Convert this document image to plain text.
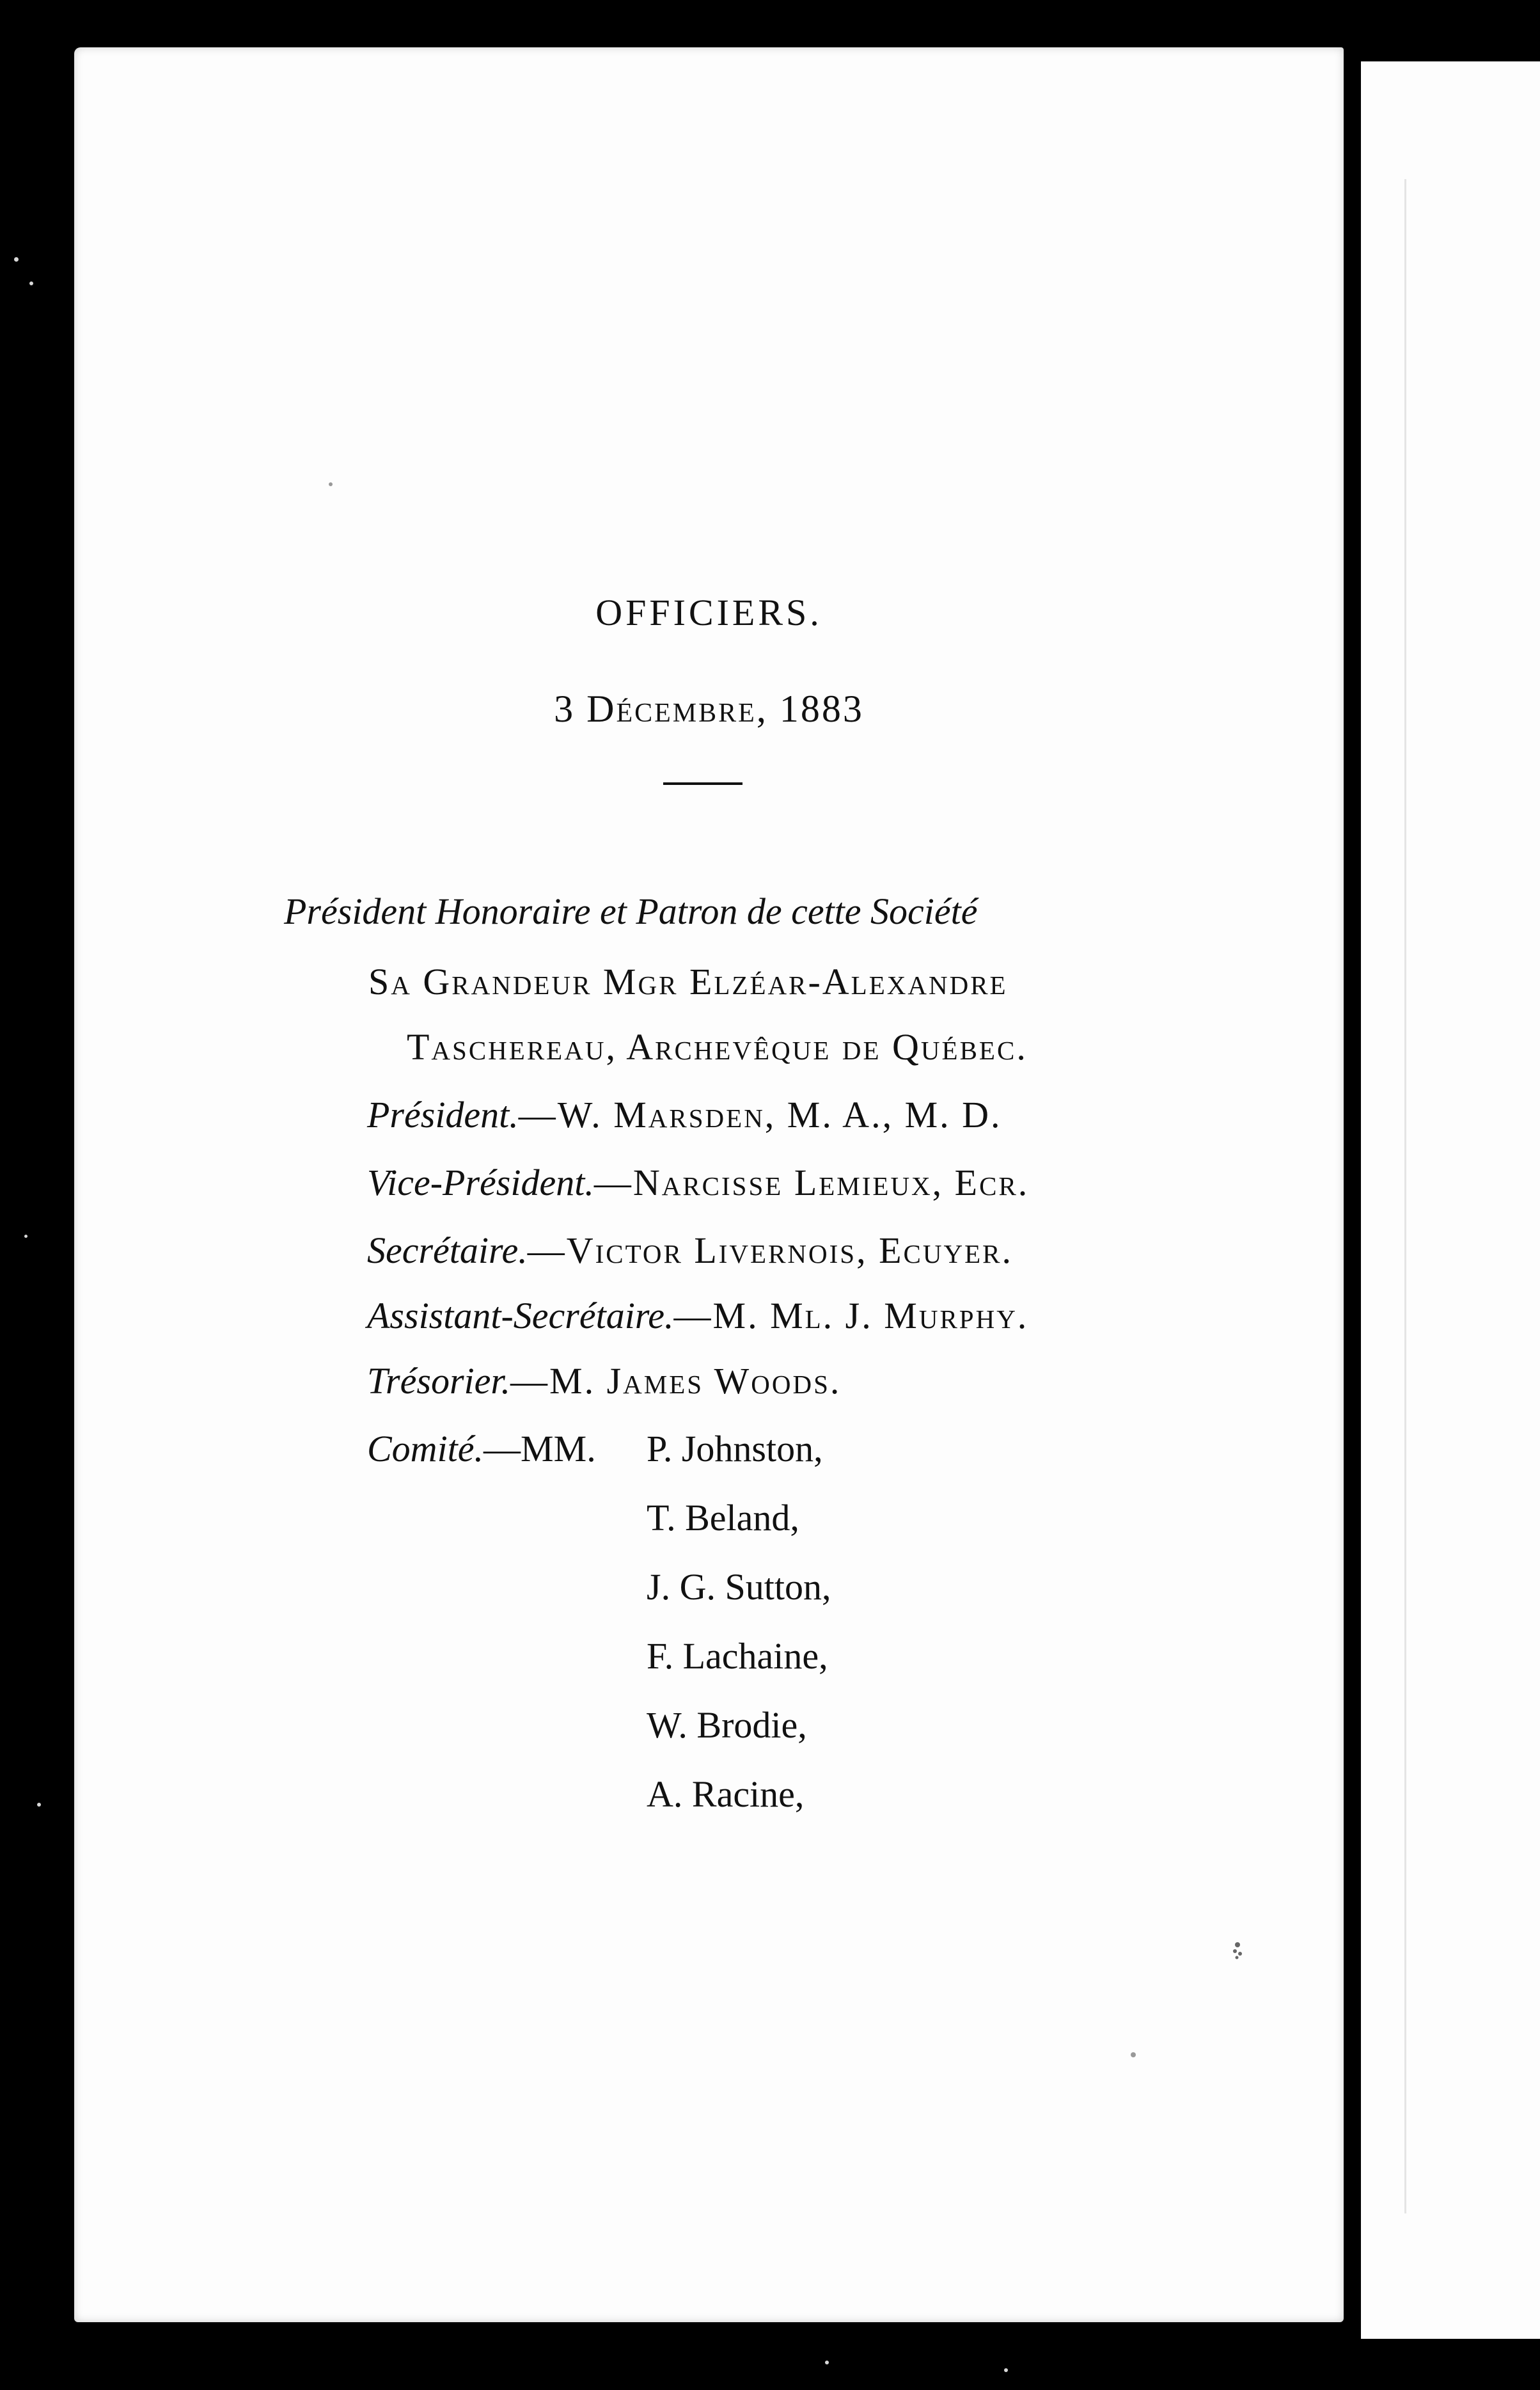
OFFICIERS.
3 Décembre, 1883
Président Honoraire et Patron de cette Société
Sa Grandeur Mgr Elzéar-Alexandre
Taschereau, Archevêque de Québec.
Président.—W. Marsden, M. A., M. D.
Vice-Président.—Narcisse Lemieux, Ecr.
Secrétaire.—Victor Livernois, Ecuyer.
Assistant-Secrétaire.—M. Ml. J. Murphy.
Trésorier.—M. James Woods.
Comité.—MM. P. Johnston,
T. Beland,
J. G. Sutton,
F. Lachaine,
W. Brodie,
A. Racine,
